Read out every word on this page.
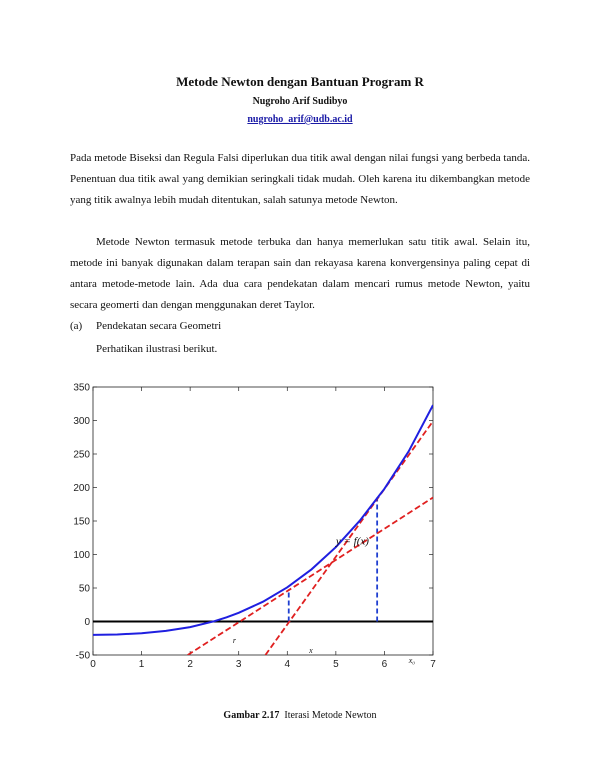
Metode Newton dengan Bantuan Program R
Nugroho Arif Sudibyo
nugroho_arif@udb.ac.id

Pada metode Biseksi dan Regula Falsi diperlukan dua titik awal dengan nilai fungsi yang berbeda tanda. Penentuan dua titik awal yang demikian seringkali tidak mudah. Oleh karena itu dikembangkan metode yang titik awalnya lebih mudah ditentukan, salah satunya metode Newton.

Metode Newton termasuk metode terbuka dan hanya memerlukan satu titik awal. Selain itu, metode ini banyak digunakan dalam terapan sain dan rekayasa karena konvergensinya paling cepat di antara metode-metode lain. Ada dua cara pendekatan dalam mencari rumus metode Newton, yaitu secara geomerti dan dengan menggunakan deret Taylor.

(a) Pendekatan secara Geometri
Perhatikan ilustrasi berikut.
0	1	2	3	4	5	6	7
-50
0
50
100
150
200
250
300
350
y = f(x)
r
x
x₀
Gambar 2.17 Iterasi Metode Newton
